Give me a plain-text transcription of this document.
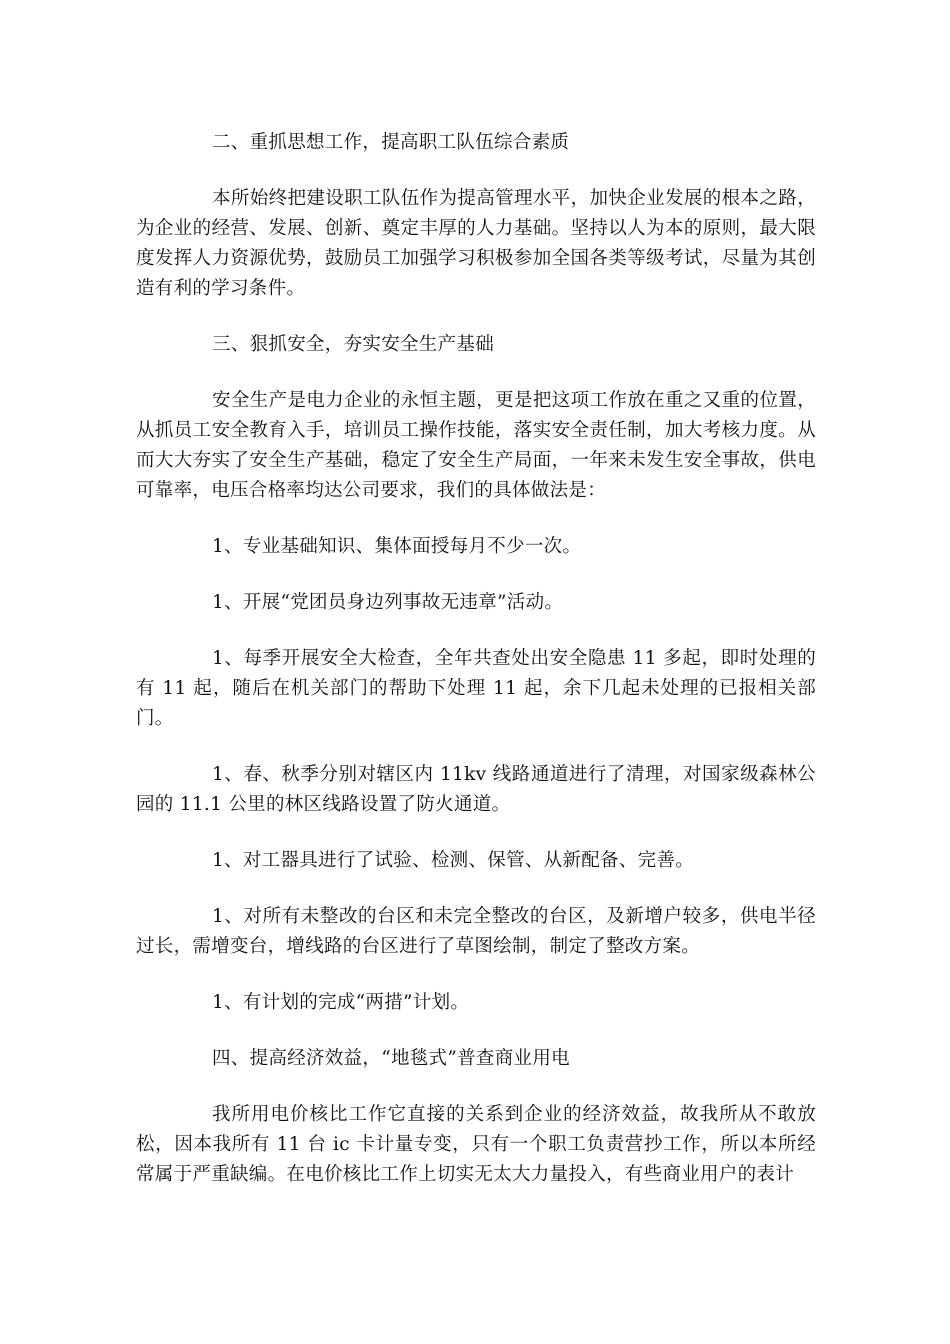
二、重抓思想工作，提高职工队伍综合素质

本所始终把建设职工队伍作为提高管理水平，加快企业发展的根本之路，为企业的经营、发展、创新、奠定丰厚的人力基础。坚持以人为本的原则，最大限度发挥人力资源优势，鼓励员工加强学习积极参加全国各类等级考试，尽量为其创造有利的学习条件。

三、狠抓安全，夯实安全生产基础

安全生产是电力企业的永恒主题，更是把这项工作放在重之又重的位置，从抓员工安全教育入手，培训员工操作技能，落实安全责任制，加大考核力度。从而大大夯实了安全生产基础，稳定了安全生产局面，一年来未发生安全事故，供电可靠率，电压合格率均达公司要求，我们的具体做法是：

1、专业基础知识、集体面授每月不少一次。

1、开展“党团员身边列事故无违章”活动。

1、每季开展安全大检查，全年共查处出安全隐患 11 多起，即时处理的有 11 起，随后在机关部门的帮助下处理 11 起，余下几起未处理的已报相关部门。

1、春、秋季分别对辖区内 11kv 线路通道进行了清理，对国家级森林公园的 11.1 公里的林区线路设置了防火通道。

1、对工器具进行了试验、检测、保管、从新配备、完善。

1、对所有未整改的台区和未完全整改的台区，及新增户较多，供电半径过长，需增变台，增线路的台区进行了草图绘制，制定了整改方案。

1、有计划的完成“两措”计划。

四、提高经济效益，“地毯式”普查商业用电

我所用电价核比工作它直接的关系到企业的经济效益，故我所从不敢放松，因本我所有 11 台 ic 卡计量专变，只有一个职工负责营抄工作，所以本所经常属于严重缺编。在电价核比工作上切实无太大力量投入，有些商业用户的表计
